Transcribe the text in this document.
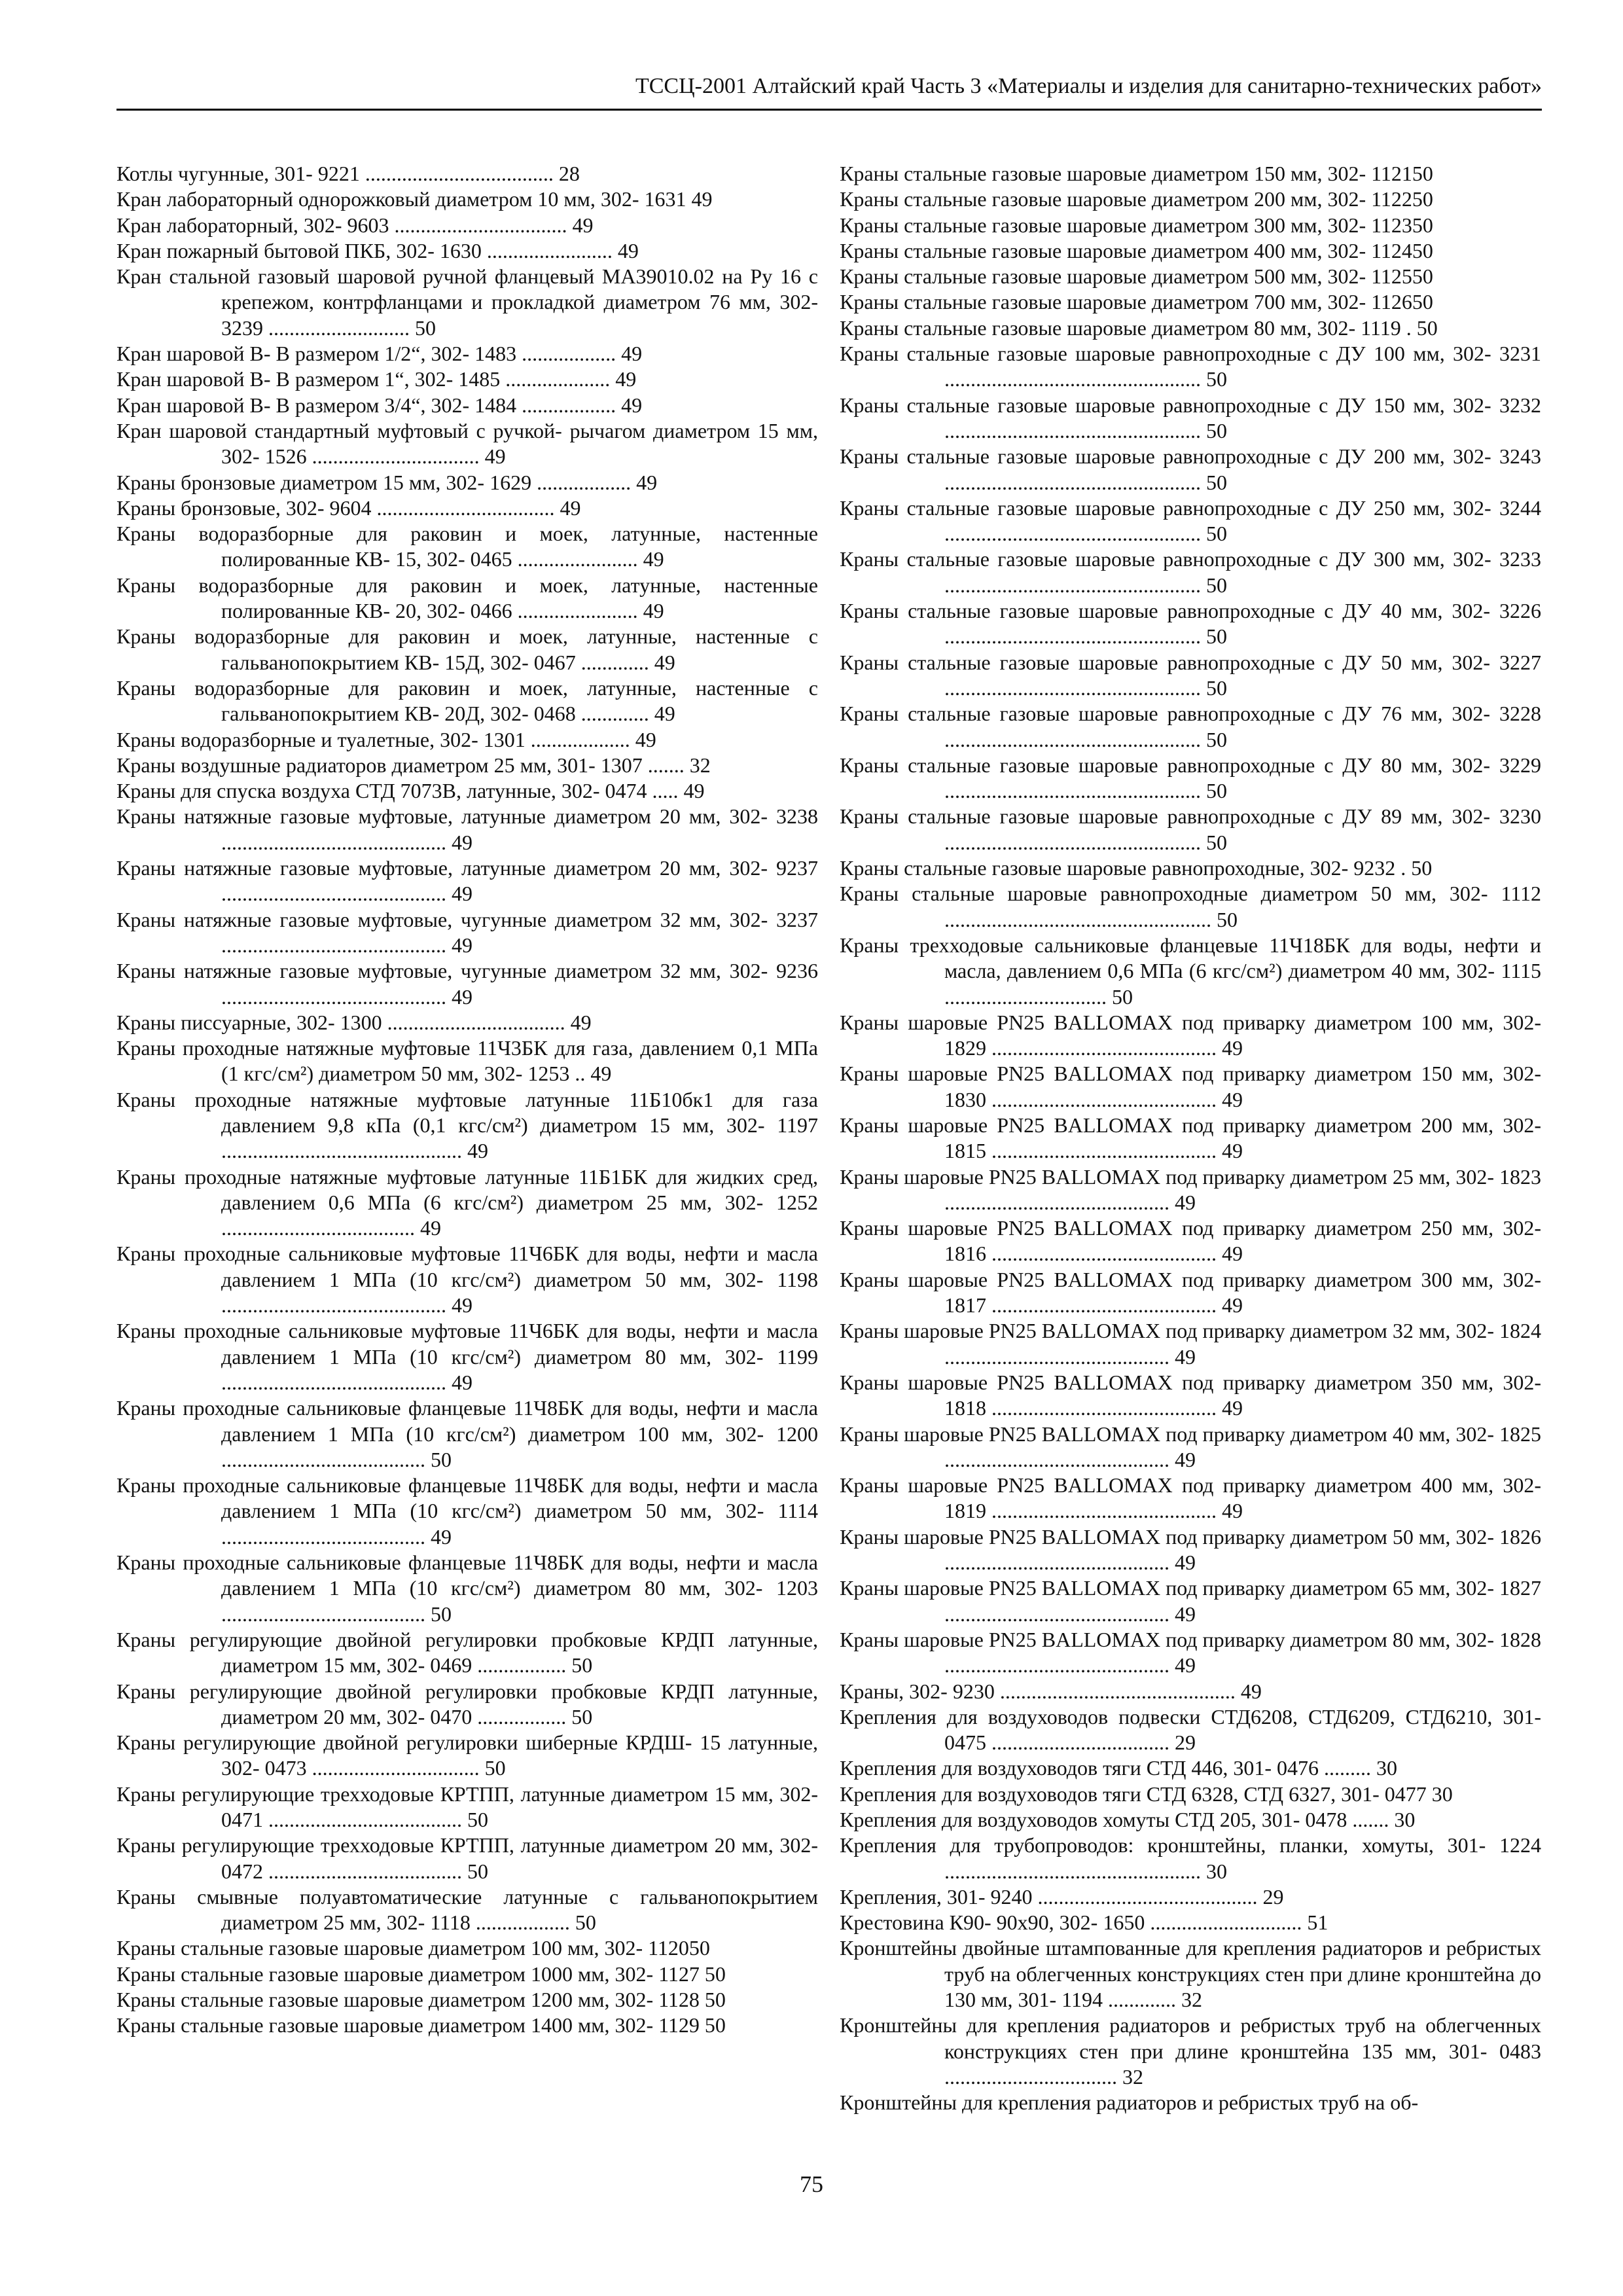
ТССЦ-2001 Алтайский край Часть 3 «Материалы и изделия для санитарно-технических работ»
Котлы чугунные, 301- 9221 .................................... 28
Кран лабораторный однорожковый диаметром 10 мм, 302- 1631 49
Кран лабораторный, 302- 9603 ................................. 49
Кран пожарный бытовой ПКБ, 302- 1630 ........................ 49
Кран стальной газовый шаровой ручной фланцевый МА39010.02 на Ру 16 с крепежом, контрфланцами и прокладкой диаметром 76 мм, 302- 3239 ........................... 50
Кран шаровой В- В размером 1/2“, 302- 1483 .................. 49
Кран шаровой В- В размером 1“, 302- 1485 .................... 49
Кран шаровой В- В размером 3/4“, 302- 1484 .................. 49
Кран шаровой стандартный муфтовый с ручкой- рычагом диаметром 15 мм, 302- 1526 ................................ 49
Краны бронзовые диаметром 15 мм, 302- 1629 .................. 49
Краны бронзовые, 302- 9604 .................................. 49
Краны водоразборные для раковин и моек, латунные, настенные полированные КВ- 15, 302- 0465 ....................... 49
Краны водоразборные для раковин и моек, латунные, настенные полированные КВ- 20, 302- 0466 ....................... 49
Краны водоразборные для раковин и моек, латунные, настенные с гальванопокрытием КВ- 15Д, 302- 0467 ............. 49
Краны водоразборные для раковин и моек, латунные, настенные с гальванопокрытием КВ- 20Д, 302- 0468 ............. 49
Краны водоразборные и туалетные, 302- 1301 ................... 49
Краны воздушные радиаторов диаметром 25 мм, 301- 1307 ....... 32
Краны для спуска воздуха СТД 7073В, латунные, 302- 0474 ..... 49
Краны натяжные газовые муфтовые, латунные диаметром 20 мм, 302- 3238 ........................................... 49
Краны натяжные газовые муфтовые, латунные диаметром 20 мм, 302- 9237 ........................................... 49
Краны натяжные газовые муфтовые, чугунные диаметром 32 мм, 302- 3237 ........................................... 49
Краны натяжные газовые муфтовые, чугунные диаметром 32 мм, 302- 9236 ........................................... 49
Краны писсуарные, 302- 1300 .................................. 49
Краны проходные натяжные муфтовые 11Ч3БК для газа, давлением 0,1 МПа (1 кгс/см²) диаметром 50 мм, 302- 1253 .. 49
Краны проходные натяжные муфтовые латунные 11Б10бк1 для газа давлением 9,8 кПа (0,1 кгс/см²) диаметром 15 мм, 302- 1197 .............................................. 49
Краны проходные натяжные муфтовые латунные 11Б1БК для жидких сред, давлением 0,6 МПа (6 кгс/см²) диаметром 25 мм, 302- 1252 ..................................... 49
Краны проходные сальниковые муфтовые 11Ч6БК для воды, нефти и масла давлением 1 МПа (10 кгс/см²) диаметром 50 мм, 302- 1198 ........................................... 49
Краны проходные сальниковые муфтовые 11Ч6БК для воды, нефти и масла давлением 1 МПа (10 кгс/см²) диаметром 80 мм, 302- 1199 ........................................... 49
Краны проходные сальниковые фланцевые 11Ч8БК для воды, нефти и масла давлением 1 МПа (10 кгс/см²) диаметром 100 мм, 302- 1200 ....................................... 50
Краны проходные сальниковые фланцевые 11Ч8БК для воды, нефти и масла давлением 1 МПа (10 кгс/см²) диаметром 50 мм, 302- 1114 ....................................... 49
Краны проходные сальниковые фланцевые 11Ч8БК для воды, нефти и масла давлением 1 МПа (10 кгс/см²) диаметром 80 мм, 302- 1203 ....................................... 50
Краны регулирующие двойной регулировки пробковые КРДП латунные, диаметром 15 мм, 302- 0469 ................. 50
Краны регулирующие двойной регулировки пробковые КРДП латунные, диаметром 20 мм, 302- 0470 ................. 50
Краны регулирующие двойной регулировки шиберные КРДШ- 15 латунные, 302- 0473 ................................ 50
Краны регулирующие трехходовые КРТПП, латунные диаметром 15 мм, 302- 0471 ..................................... 50
Краны регулирующие трехходовые КРТПП, латунные диаметром 20 мм, 302- 0472 ..................................... 50
Краны смывные полуавтоматические латунные с гальванопокрытием диаметром 25 мм, 302- 1118 .................. 50
Краны стальные газовые шаровые диаметром 100 мм, 302- 112050
Краны стальные газовые шаровые диаметром 1000 мм, 302- 1127 50
Краны стальные газовые шаровые диаметром 1200 мм, 302- 1128 50
Краны стальные газовые шаровые диаметром 1400 мм, 302- 1129 50
Краны стальные газовые шаровые диаметром 150 мм, 302- 112150
Краны стальные газовые шаровые диаметром 200 мм, 302- 112250
Краны стальные газовые шаровые диаметром 300 мм, 302- 112350
Краны стальные газовые шаровые диаметром 400 мм, 302- 112450
Краны стальные газовые шаровые диаметром 500 мм, 302- 112550
Краны стальные газовые шаровые диаметром 700 мм, 302- 112650
Краны стальные газовые шаровые диаметром 80 мм, 302- 1119 . 50
Краны стальные газовые шаровые равнопроходные с ДУ 100 мм, 302- 3231 ................................................. 50
Краны стальные газовые шаровые равнопроходные с ДУ 150 мм, 302- 3232 ................................................. 50
Краны стальные газовые шаровые равнопроходные с ДУ 200 мм, 302- 3243 ................................................. 50
Краны стальные газовые шаровые равнопроходные с ДУ 250 мм, 302- 3244 ................................................. 50
Краны стальные газовые шаровые равнопроходные с ДУ 300 мм, 302- 3233 ................................................. 50
Краны стальные газовые шаровые равнопроходные с ДУ 40 мм, 302- 3226 ................................................. 50
Краны стальные газовые шаровые равнопроходные с ДУ 50 мм, 302- 3227 ................................................. 50
Краны стальные газовые шаровые равнопроходные с ДУ 76 мм, 302- 3228 ................................................. 50
Краны стальные газовые шаровые равнопроходные с ДУ 80 мм, 302- 3229 ................................................. 50
Краны стальные газовые шаровые равнопроходные с ДУ 89 мм, 302- 3230 ................................................. 50
Краны стальные газовые шаровые равнопроходные, 302- 9232 . 50
Краны стальные шаровые равнопроходные диаметром 50 мм, 302- 1112 ................................................... 50
Краны трехходовые сальниковые фланцевые 11Ч18БК для воды, нефти и масла, давлением 0,6 МПа (6 кгс/см²) диаметром 40 мм, 302- 1115 ............................... 50
Краны шаровые PN25 BALLOMAX под приварку диаметром 100 мм, 302- 1829 ........................................... 49
Краны шаровые PN25 BALLOMAX под приварку диаметром 150 мм, 302- 1830 ........................................... 49
Краны шаровые PN25 BALLOMAX под приварку диаметром 200 мм, 302- 1815 ........................................... 49
Краны шаровые PN25 BALLOMAX под приварку диаметром 25 мм, 302- 1823 ........................................... 49
Краны шаровые PN25 BALLOMAX под приварку диаметром 250 мм, 302- 1816 ........................................... 49
Краны шаровые PN25 BALLOMAX под приварку диаметром 300 мм, 302- 1817 ........................................... 49
Краны шаровые PN25 BALLOMAX под приварку диаметром 32 мм, 302- 1824 ........................................... 49
Краны шаровые PN25 BALLOMAX под приварку диаметром 350 мм, 302- 1818 ........................................... 49
Краны шаровые PN25 BALLOMAX под приварку диаметром 40 мм, 302- 1825 ........................................... 49
Краны шаровые PN25 BALLOMAX под приварку диаметром 400 мм, 302- 1819 ........................................... 49
Краны шаровые PN25 BALLOMAX под приварку диаметром 50 мм, 302- 1826 ........................................... 49
Краны шаровые PN25 BALLOMAX под приварку диаметром 65 мм, 302- 1827 ........................................... 49
Краны шаровые PN25 BALLOMAX под приварку диаметром 80 мм, 302- 1828 ........................................... 49
Краны, 302- 9230 ............................................. 49
Крепления для воздуховодов подвески СТД6208, СТД6209, СТД6210, 301- 0475 .................................. 29
Крепления для воздуховодов тяги СТД 446, 301- 0476 ......... 30
Крепления для воздуховодов тяги СТД 6328, СТД 6327, 301- 0477 30
Крепления для воздуховодов хомуты СТД 205, 301- 0478 ....... 30
Крепления для трубопроводов: кронштейны, планки, хомуты, 301- 1224 ................................................. 30
Крепления, 301- 9240 .......................................... 29
Крестовина К90- 90x90, 302- 1650 ............................. 51
Кронштейны двойные штампованные для крепления радиаторов и ребристых труб на облегченных конструкциях стен при длине кронштейна до 130 мм, 301- 1194 ............. 32
Кронштейны для крепления радиаторов и ребристых труб на облегченных конструкциях стен при длине кронштейна 135 мм, 301- 0483 ................................. 32
Кронштейны для крепления радиаторов и ребристых труб на об-
75
